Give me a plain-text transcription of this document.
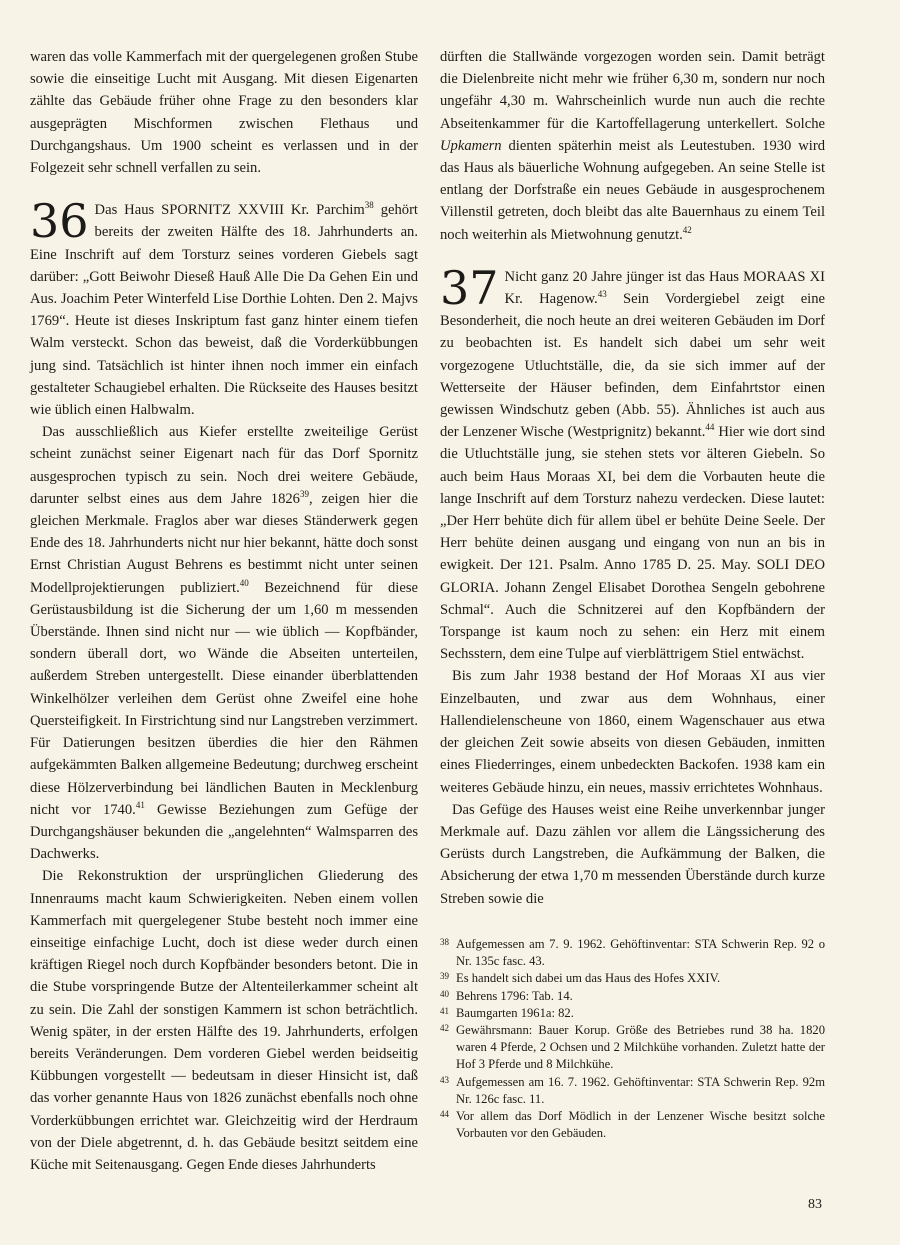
waren das volle Kammerfach mit der quergelegenen großen Stube sowie die einseitige Lucht mit Ausgang. Mit diesen Eigenarten zählte das Gebäude früher ohne Frage zu den besonders klar ausgeprägten Mischformen zwischen Flethaus und Durchgangshaus. Um 1900 scheint es verlassen und in der Folgezeit sehr schnell verfallen zu sein.

36 Das Haus SPORNITZ XXVIII Kr. Parchim$^{38}$ gehört bereits der zweiten Hälfte des 18. Jahrhunderts an. Eine Inschrift auf dem Torsturz seines vorderen Giebels sagt darüber: „Gott Beiwohr Dieseß Hauß Alle Die Da Gehen Ein und Aus. Joachim Peter Winterfeld Lise Dorthie Lohten. Den 2. Majvs 1769“. Heute ist dieses Inskriptum fast ganz hinter einem tiefen Walm versteckt. Schon das beweist, daß die Vorderkübbungen jung sind. Tatsächlich ist hinter ihnen noch immer ein einfach gestalteter Schaugiebel erhalten. Die Rückseite des Hauses besitzt wie üblich einen Halbwalm.

Das ausschließlich aus Kiefer erstellte zweiteilige Gerüst scheint zunächst seiner Eigenart nach für das Dorf Spornitz ausgesprochen typisch zu sein. Noch drei weitere Gebäude, darunter selbst eines aus dem Jahre 1826$^{39}$, zeigen hier die gleichen Merkmale. Fraglos aber war dieses Ständerwerk gegen Ende des 18. Jahrhunderts nicht nur hier bekannt, hätte doch sonst Ernst Christian August Behrens es bestimmt nicht unter seinen Modellprojektierungen publiziert.$^{40}$ Bezeichnend für diese Gerüstausbildung ist die Sicherung der um 1,60 m messenden Überstände. Ihnen sind nicht nur — wie üblich — Kopfbänder, sondern überall dort, wo Wände die Abseiten unterteilen, außerdem Streben untergestellt. Diese einander überblattenden Winkelhölzer verleihen dem Gerüst ohne Zweifel eine hohe Quersteifigkeit. In Firstrichtung sind nur Langstreben verzimmert. Für Datierungen besitzen überdies die hier den Rähmen aufgekämmten Balken allgemeine Bedeutung; durchweg erscheint diese Hölzerverbindung bei ländlichen Bauten in Mecklenburg nicht vor 1740.41 Gewisse Beziehungen zum Gefüge der Durchgangshäuser bekunden die „angelehnten“ Walmsparren des Dachwerks.

Die Rekonstruktion der ursprünglichen Gliederung des Innenraums macht kaum Schwierigkeiten. Neben einem vollen Kammerfach mit quergelegener Stube besteht noch immer eine einseitige einfachige Lucht, doch ist diese weder durch einen kräftigen Riegel noch durch Kopfbänder besonders betont. Die in die Stube vorspringende Butze der Altenteilerkammer scheint alt zu sein. Die Zahl der sonstigen Kammern ist schon beträchtlich. Wenig später, in der ersten Hälfte des 19. Jahrhunderts, erfolgen bereits Veränderungen. Dem vorderen Giebel werden beidseitig Kübbungen vorgestellt — bedeutsam in dieser Hinsicht ist, daß das vorher genannte Haus von 1826 zunächst ebenfalls noch ohne Vorderkübbungen errichtet war. Gleichzeitig wird der Herdraum von der Diele abgetrennt, d. h. das Gebäude besitzt seitdem eine Küche mit Seitenausgang. Gegen Ende dieses Jahrhunderts

dürften die Stallwände vorgezogen worden sein. Damit beträgt die Dielenbreite nicht mehr wie früher 6,30 m, sondern nur noch ungefähr 4,30 m. Wahrscheinlich wurde nun auch die rechte Abseitenkammer für die Kartoffellagerung unterkellert. Solche Upkamern dienten späterhin meist als Leutestuben. 1930 wird das Haus als bäuerliche Wohnung aufgegeben. An seine Stelle ist entlang der Dorfstraße ein neues Gebäude in ausgesprochenem Villenstil getreten, doch bleibt das alte Bauernhaus zu einem Teil noch weiterhin als Mietwohnung genutzt.$^{42}$

37 Nicht ganz 20 Jahre jünger ist das Haus MORAAS XI Kr. Hagenow.$^{43}$ Sein Vordergiebel zeigt eine Besonderheit, die noch heute an drei weiteren Gebäuden im Dorf zu beobachten ist. Es handelt sich dabei um sehr weit vorgezogene Utluchtställe, die, da sie sich immer auf der Wetterseite der Häuser befinden, dem Einfahrtstor einen gewissen Windschutz geben (Abb. 55). Ähnliches ist auch aus der Lenzener Wische (Westprignitz) bekannt.$^{44}$ Hier wie dort sind die Utluchtställe jung, sie stehen stets vor älteren Giebeln. So auch beim Haus Moraas XI, bei dem die Vorbauten heute die lange Inschrift auf dem Torsturz nahezu verdecken. Diese lautet: „Der Herr behüte dich für allem übel er behüte Deine Seele. Der Herr behüte deinen ausgang und eingang von nun an bis in ewigkeit. Der 121. Psalm. Anno 1785 D. 25. May. SOLI DEO GLORIA. Johann Zengel Elisabet Dorothea Sengeln gebohrene Schmal“. Auch die Schnitzerei auf den Kopfbändern der Torspange ist kaum noch zu sehen: ein Herz mit einem Sechsstern, dem eine Tulpe auf vierblättrigem Stiel entwächst.

Bis zum Jahr 1938 bestand der Hof Moraas XI aus vier Einzelbauten, und zwar aus dem Wohnhaus, einer Hallendielenscheune von 1860, einem Wagenschauer aus etwa der gleichen Zeit sowie abseits von diesen Gebäuden, inmitten eines Fliederringes, einem unbedeckten Backofen. 1938 kam ein weiteres Gebäude hinzu, ein neues, massiv errichtetes Wohnhaus.

Das Gefüge des Hauses weist eine Reihe unverkennbar junger Merkmale auf. Dazu zählen vor allem die Längssicherung des Gerüsts durch Langstreben, die Aufkämmung der Balken, die Absicherung der etwa 1,70 m messenden Überstände durch kurze Streben sowie die

38 Aufgemessen am 7. 9. 1962. Gehöftinventar: STA Schwerin Rep. 92 o Nr. 135c fasc. 43.
39 Es handelt sich dabei um das Haus des Hofes XXIV.
40 Behrens 1796: Tab. 14.
41 Baumgarten 1961a: 82.
42 Gewährsmann: Bauer Korup. Größe des Betriebes rund 38 ha. 1820 waren 4 Pferde, 2 Ochsen und 2 Milchkühe vorhanden. Zuletzt hatte der Hof 3 Pferde und 8 Milchkühe.
43 Aufgemessen am 16. 7. 1962. Gehöftinventar: STA Schwerin Rep. 92m Nr. 126c fasc. 11.
44 Vor allem das Dorf Mödlich in der Lenzener Wische besitzt solche Vorbauten vor den Gebäuden.
83
